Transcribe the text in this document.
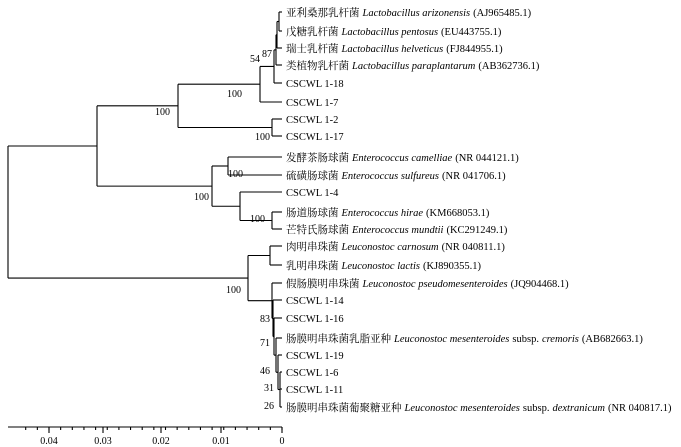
亚利桑那乳杆菌 Lactobacillus arizonensis (AJ965485.1)
戊糖乳杆菌 Lactobacillus pentosus (EU443755.1)
瑞士乳杆菌 Lactobacillus helveticus (FJ844955.1)
类植物乳杆菌 Lactobacillus paraplantarum (AB362736.1)
CSCWL 1-18
CSCWL 1-7
CSCWL 1-2
CSCWL 1-17
发酵茶肠球菌 Enterococcus camelliae (NR 044121.1)
硫磺肠球菌 Enterococcus sulfureus (NR 041706.1)
CSCWL 1-4
肠道肠球菌 Enterococcus hirae (KM668053.1)
芒特氏肠球菌 Enterococcus mundtii (KC291249.1)
肉明串珠菌 Leuconostoc carnosum (NR 040811.1)
乳明串珠菌 Leuconostoc lactis (KJ890355.1)
假肠膜明串珠菌 Leuconostoc pseudomesenteroides (JQ904468.1)
CSCWL 1-14
CSCWL 1-16
肠膜明串珠菌乳脂亚种 Leuconostoc mesenteroides subsp. cremoris (AB682663.1)
CSCWL 1-19
CSCWL 1-6
CSCWL 1-11
肠膜明串珠菌葡聚糖亚种 Leuconostoc mesenteroides subsp. dextranicum (NR 040817.1)
54 87
100
100
100
100
100
100
100
83
71
46
31
26
0.04	0.03	0.02	0.01	0
